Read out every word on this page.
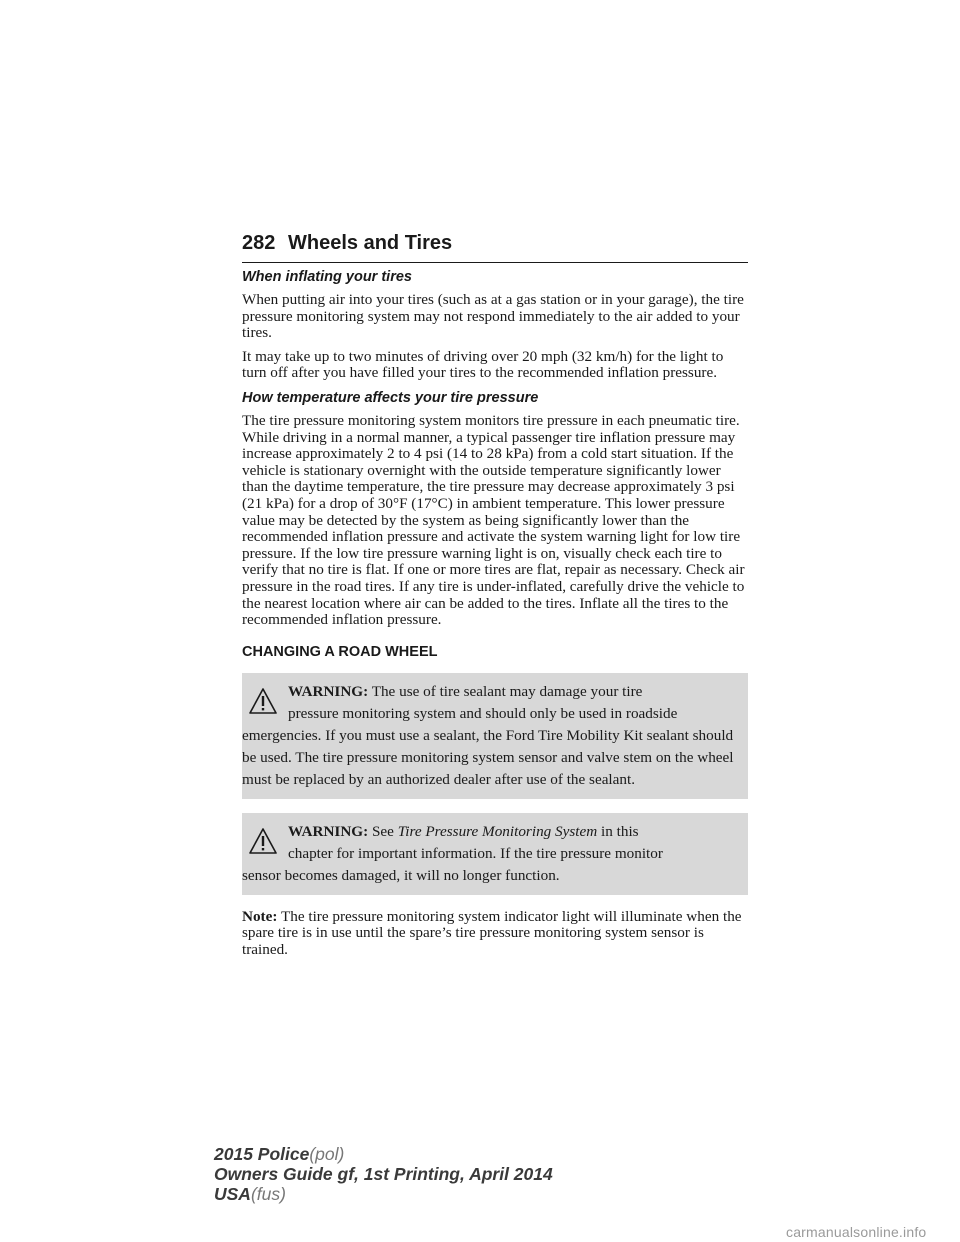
282 Wheels and Tires
When inflating your tires

When putting air into your tires (such as at a gas station or in your garage), the tire pressure monitoring system may not respond immediately to the air added to your tires.

It may take up to two minutes of driving over 20 mph (32 km/h) for the light to turn off after you have filled your tires to the recommended inflation pressure.

How temperature affects your tire pressure

The tire pressure monitoring system monitors tire pressure in each pneumatic tire. While driving in a normal manner, a typical passenger tire inflation pressure may increase approximately 2 to 4 psi (14 to 28 kPa) from a cold start situation. If the vehicle is stationary overnight with the outside temperature significantly lower than the daytime temperature, the tire pressure may decrease approximately 3 psi (21 kPa) for a drop of 30°F (17°C) in ambient temperature. This lower pressure value may be detected by the system as being significantly lower than the recommended inflation pressure and activate the system warning light for low tire pressure. If the low tire pressure warning light is on, visually check each tire to verify that no tire is flat. If one or more tires are flat, repair as necessary. Check air pressure in the road tires. If any tire is under-inflated, carefully drive the vehicle to the nearest location where air can be added to the tires. Inflate all the tires to the recommended inflation pressure.

CHANGING A ROAD WHEEL
WARNING: The use of tire sealant may damage your tire
pressure monitoring system and should only be used in roadside
emergencies. If you must use a sealant, the Ford Tire Mobility Kit sealant should be used. The tire pressure monitoring system sensor and valve stem on the wheel must be replaced by an authorized dealer after use of the sealant.
WARNING: See Tire Pressure Monitoring System in this
chapter for important information. If the tire pressure monitor
sensor becomes damaged, it will no longer function.

Note: The tire pressure monitoring system indicator light will illuminate when the spare tire is in use until the spare’s tire pressure monitoring system sensor is trained.

2015 Police(pol)
Owners Guide gf, 1st Printing, April 2014
USA(fus)
carmanualsonline.info
